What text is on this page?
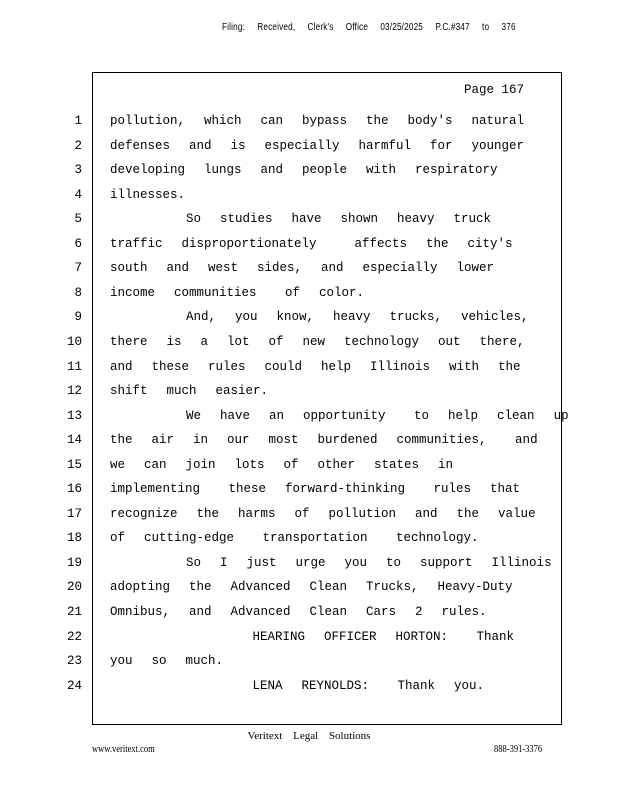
Filing: Received, Clerk's Office 03/25/2025 P.C.#347 to 376
Page 167
1 pollution,  which  can  bypass  the  body's  natural
2 defenses  and  is  especially  harmful  for  younger
3 developing  lungs  and  people  with  respiratory
4 illnesses.
5 So  studies  have  shown  heavy  truck
6 traffic  disproportionately    affects  the  city's
7 south  and  west  sides,  and  especially  lower
8 income  communities   of  color.
9 And,  you  know,  heavy  trucks,  vehicles,
10 there  is  a  lot  of  new  technology  out  there,
11 and  these  rules  could  help  Illinois  with  the
12 shift  much  easier.
13 We  have  an  opportunity   to  help  clean  up
14 the  air  in  our  most  burdened  communities,   and
15 we  can  join  lots  of  other  states  in
16 implementing   these  forward-thinking   rules  that
17 recognize  the  harms  of  pollution  and  the  value
18 of  cutting-edge   transportation   technology.
19 So  I  just  urge  you  to  support  Illinois
20 adopting  the  Advanced  Clean  Trucks,  Heavy-Duty
21 Omnibus,  and  Advanced  Clean  Cars  2  rules.
22 HEARING  OFFICER  HORTON:   Thank
23 you  so  much.
24 LENA  REYNOLDS:   Thank  you.
Veritext Legal Solutions
www.veritext.com	888-391-3376
